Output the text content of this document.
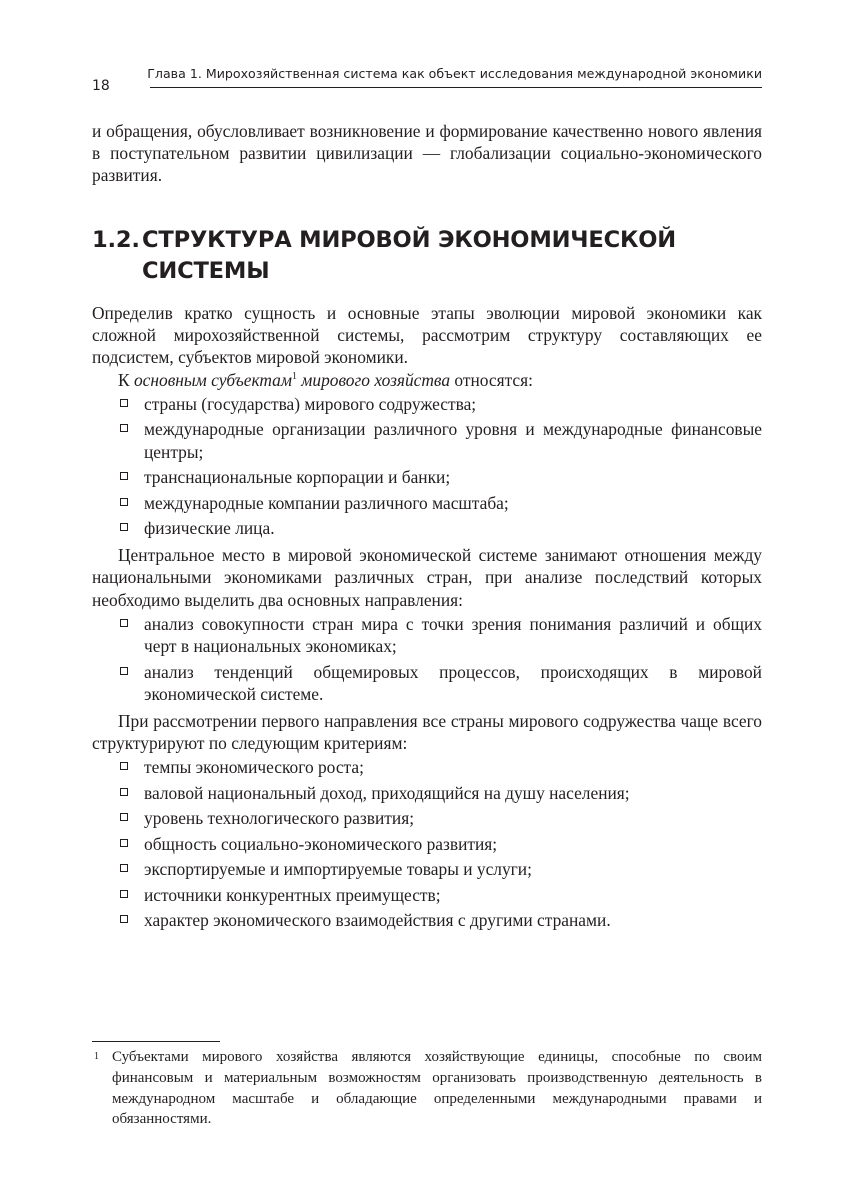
18
Глава 1. Мирохозяйственная система как объект исследования международной экономики

и обращения, обусловливает возникновение и формирование качественно нового явления в поступательном развитии цивилизации — глобализации социально-экономического развития.

1.2.СТРУКТУРА МИРОВОЙ ЭКОНОМИЧЕСКОЙ
СИСТЕМЫ

Определив кратко сущность и основные этапы эволюции мировой экономики как сложной мирохозяйственной системы, рассмотрим структуру составляющих ее подсистем, субъектов мировой экономики.

К основным субъектам$^1$ мирового хозяйства относятся:

страны (государства) мирового содружества;
международные организации различного уровня и международные финансовые центры;
транснациональные корпорации и банки;
международные компании различного масштаба;
физические лица.

Центральное место в мировой экономической системе занимают отношения между национальными экономиками различных стран, при анализе последствий которых необходимо выделить два основных направления:

анализ совокупности стран мира с точки зрения понимания различий и общих черт в национальных экономиках;
анализ тенденций общемировых процессов, происходящих в мировой экономической системе.

При рассмотрении первого направления все страны мирового содружества чаще всего структурируют по следующим критериям:

темпы экономического роста;
валовой национальный доход, приходящийся на душу населения;
уровень технологического развития;
общность социально-экономического развития;
экспортируемые и импортируемые товары и услуги;
источники конкурентных преимуществ;
характер экономического взаимодействия с другими странами.
1 Субъектами мирового хозяйства являются хозяйствующие единицы, способные по своим финансовым и материальным возможностям организовать производственную деятельность в международном масштабе и обладающие определенными международными правами и обязанностями.
